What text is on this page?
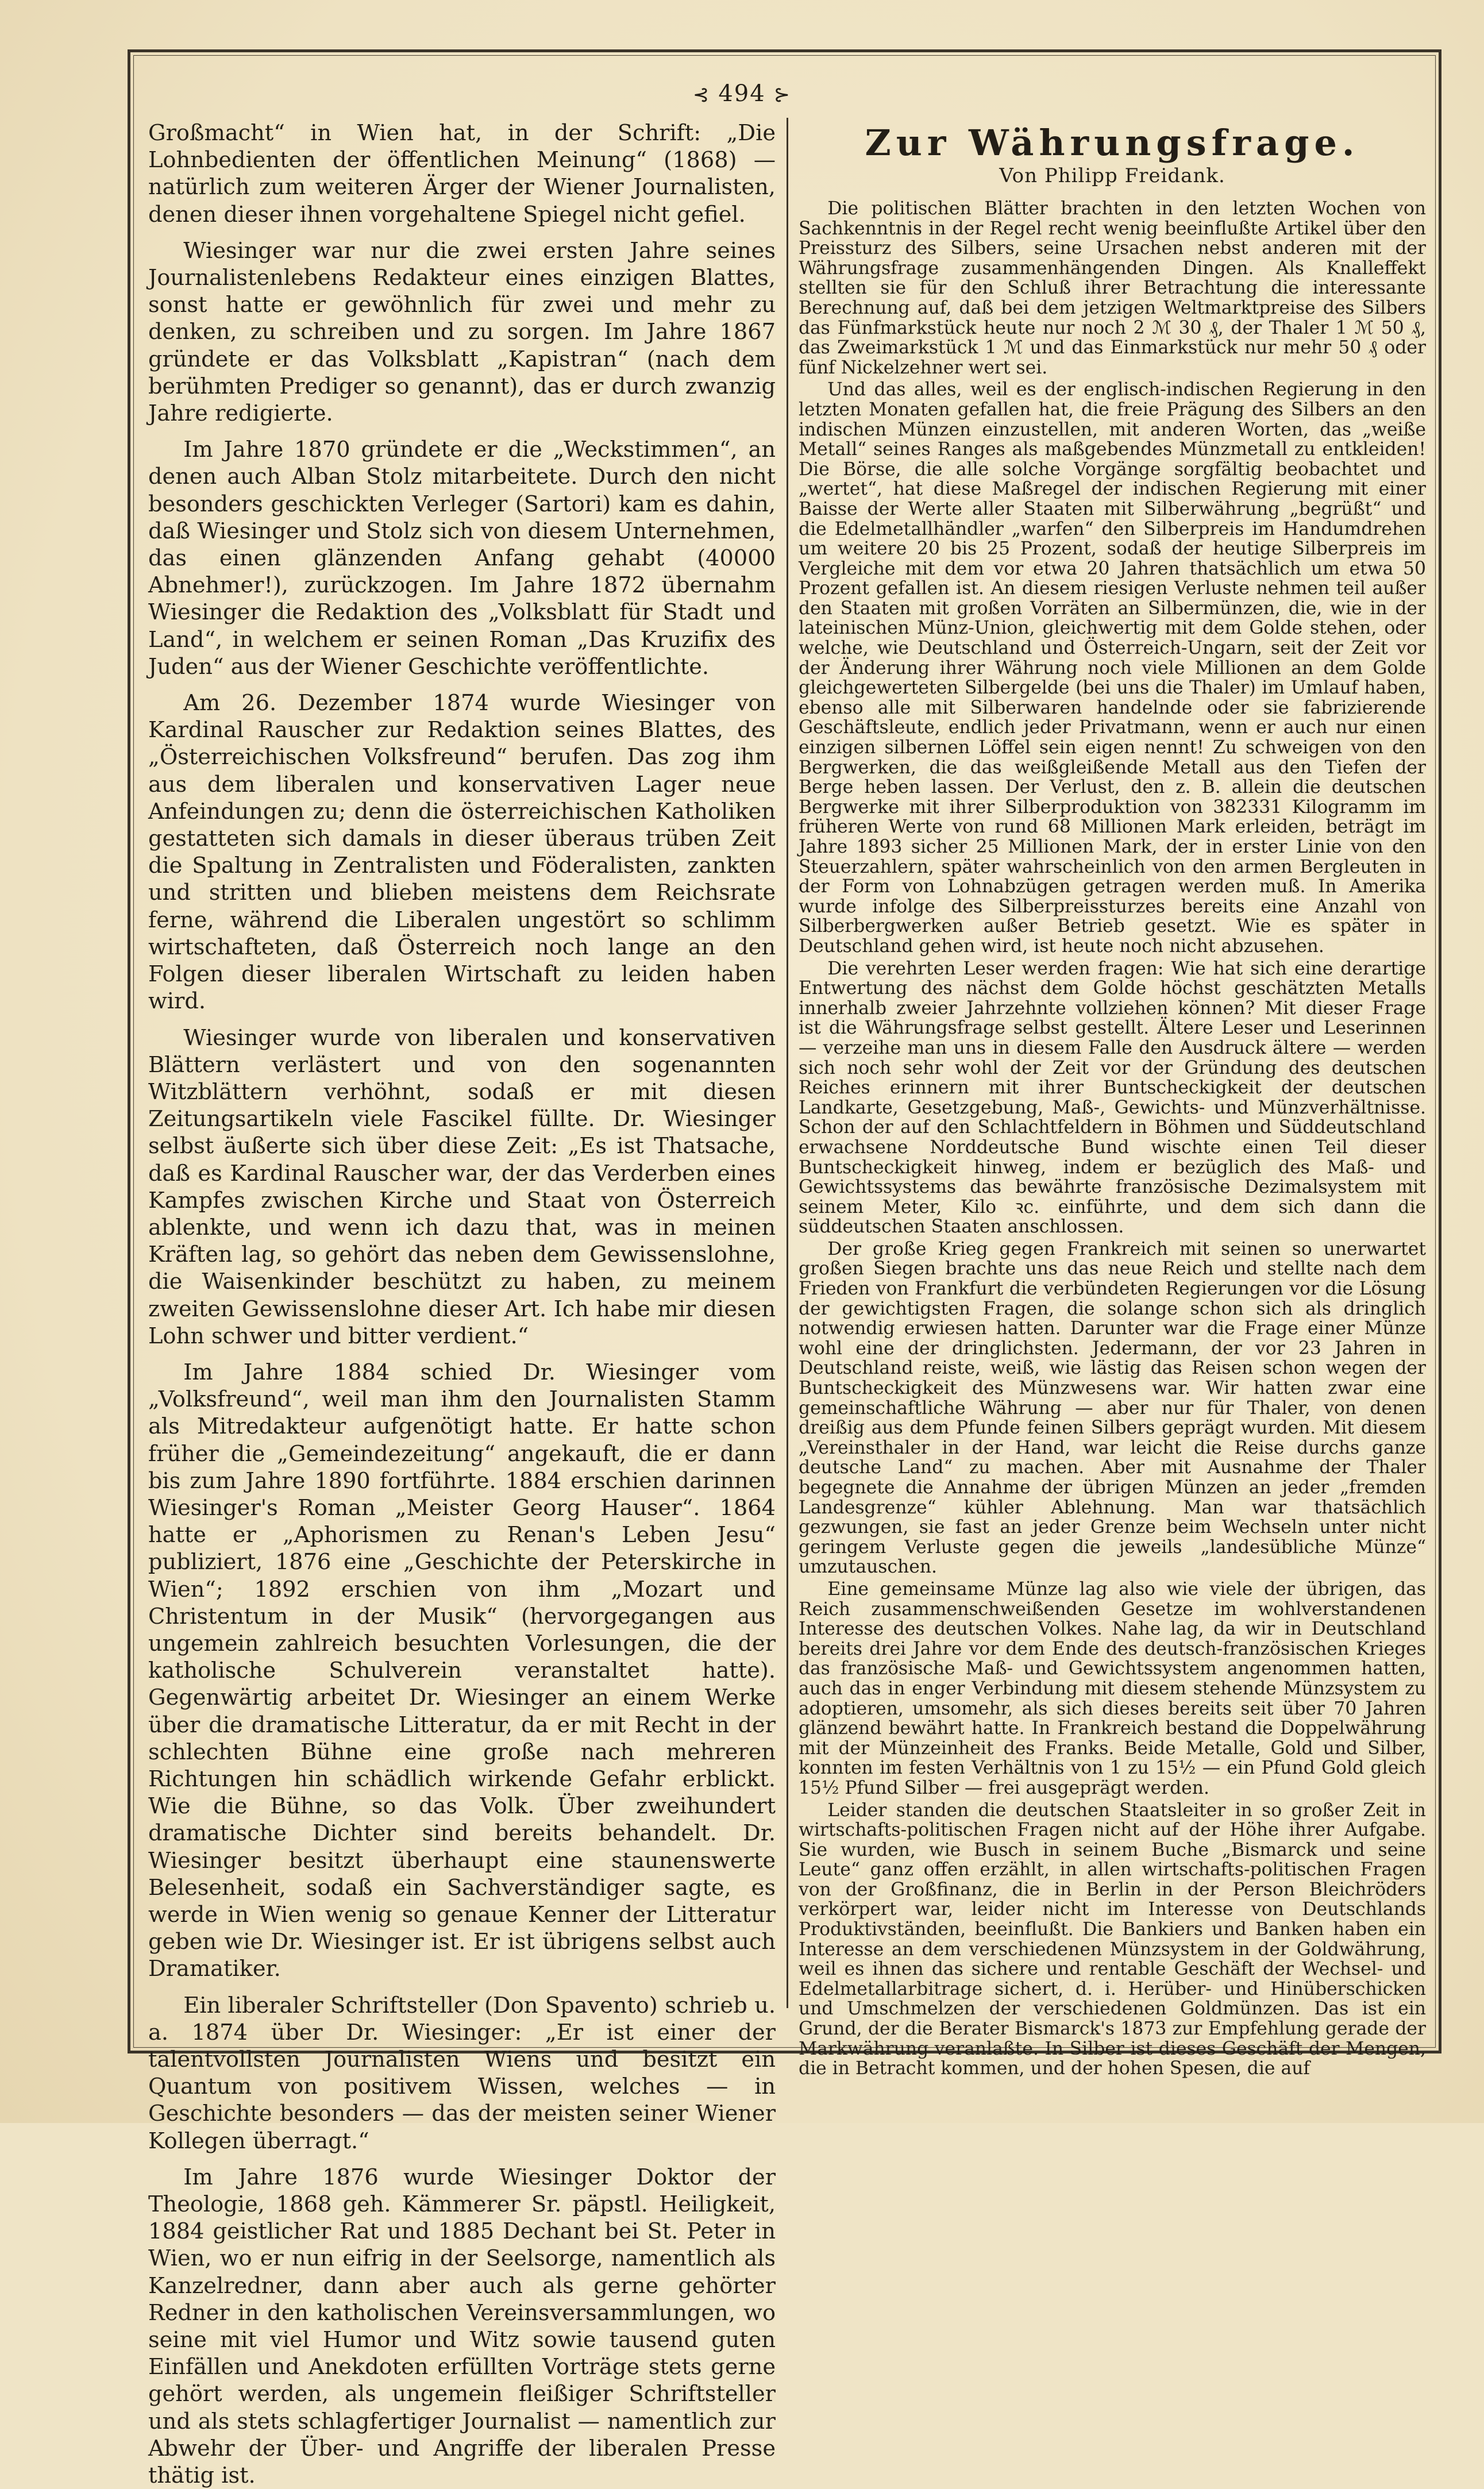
⊰ 494 ⊱

Großmacht“ in Wien hat, in der Schrift: „Die Lohnbedienten der öffentlichen Meinung“ (1868) — natürlich zum weiteren Ärger der Wiener Journalisten, denen dieser ihnen vorgehaltene Spiegel nicht gefiel.

Wiesinger war nur die zwei ersten Jahre seines Journalistenlebens Redakteur eines einzigen Blattes, sonst hatte er gewöhnlich für zwei und mehr zu denken, zu schreiben und zu sorgen. Im Jahre 1867 gründete er das Volksblatt „Kapistran“ (nach dem berühmten Prediger so genannt), das er durch zwanzig Jahre redigierte.

Im Jahre 1870 gründete er die „Weckstimmen“, an denen auch Alban Stolz mitarbeitete. Durch den nicht besonders geschickten Verleger (Sartori) kam es dahin, daß Wiesinger und Stolz sich von diesem Unternehmen, das einen glänzenden Anfang gehabt (40000 Abnehmer!), zurückzogen. Im Jahre 1872 übernahm Wiesinger die Redaktion des „Volksblatt für Stadt und Land“, in welchem er seinen Roman „Das Kruzifix des Juden“ aus der Wiener Geschichte veröffentlichte.

Am 26. Dezember 1874 wurde Wiesinger von Kardinal Rauscher zur Redaktion seines Blattes, des „Österreichischen Volksfreund“ berufen. Das zog ihm aus dem liberalen und konservativen Lager neue Anfeindungen zu; denn die österreichischen Katholiken gestatteten sich damals in dieser überaus trüben Zeit die Spaltung in Zentralisten und Föderalisten, zankten und stritten und blieben meistens dem Reichsrate ferne, während die Liberalen ungestört so schlimm wirtschafteten, daß Österreich noch lange an den Folgen dieser liberalen Wirtschaft zu leiden haben wird.

Wiesinger wurde von liberalen und konservativen Blättern verlästert und von den sogenannten Witzblättern verhöhnt, sodaß er mit diesen Zeitungsartikeln viele Fascikel füllte. Dr. Wiesinger selbst äußerte sich über diese Zeit: „Es ist Thatsache, daß es Kardinal Rauscher war, der das Verderben eines Kampfes zwischen Kirche und Staat von Österreich ablenkte, und wenn ich dazu that, was in meinen Kräften lag, so gehört das neben dem Gewissenslohne, die Waisenkinder beschützt zu haben, zu meinem zweiten Gewissenslohne dieser Art. Ich habe mir diesen Lohn schwer und bitter verdient.“

Im Jahre 1884 schied Dr. Wiesinger vom „Volksfreund“, weil man ihm den Journalisten Stamm als Mitredakteur aufgenötigt hatte. Er hatte schon früher die „Gemeindezeitung“ angekauft, die er dann bis zum Jahre 1890 fortführte. 1884 erschien darinnen Wiesinger's Roman „Meister Georg Hauser“. 1864 hatte er „Aphorismen zu Renan's Leben Jesu“ publiziert, 1876 eine „Geschichte der Peterskirche in Wien“; 1892 erschien von ihm „Mozart und Christentum in der Musik“ (hervorgegangen aus ungemein zahlreich besuchten Vorlesungen, die der katholische Schulverein veranstaltet hatte). Gegenwärtig arbeitet Dr. Wiesinger an einem Werke über die dramatische Litteratur, da er mit Recht in der schlechten Bühne eine große nach mehreren Richtungen hin schädlich wirkende Gefahr erblickt. Wie die Bühne, so das Volk. Über zweihundert dramatische Dichter sind bereits behandelt. Dr. Wiesinger besitzt überhaupt eine staunenswerte Belesenheit, sodaß ein Sachverständiger sagte, es werde in Wien wenig so genaue Kenner der Litteratur geben wie Dr. Wiesinger ist. Er ist übrigens selbst auch Dramatiker.

Ein liberaler Schriftsteller (Don Spavento) schrieb u. a. 1874 über Dr. Wiesinger: „Er ist einer der talentvollsten Journalisten Wiens und besitzt ein Quantum von positivem Wissen, welches — in Geschichte besonders — das der meisten seiner Wiener Kollegen überragt.“

Im Jahre 1876 wurde Wiesinger Doktor der Theologie, 1868 geh. Kämmerer Sr. päpstl. Heiligkeit, 1884 geistlicher Rat und 1885 Dechant bei St. Peter in Wien, wo er nun eifrig in der Seelsorge, namentlich als Kanzelredner, dann aber auch als gerne gehörter Redner in den katholischen Vereinsversammlungen, wo seine mit viel Humor und Witz sowie tausend guten Einfällen und Anekdoten erfüllten Vorträge stets gerne gehört werden, als ungemein fleißiger Schriftsteller und als stets schlagfertiger Journalist — namentlich zur Abwehr der Über- und Angriffe der liberalen Presse thätig ist.

Zur Währungsfrage.
Von Philipp Freidank.

Die politischen Blätter brachten in den letzten Wochen von Sachkenntnis in der Regel recht wenig beeinflußte Artikel über den Preissturz des Silbers, seine Ursachen nebst anderen mit der Währungsfrage zusammenhängenden Dingen. Als Knalleffekt stellten sie für den Schluß ihrer Betrachtung die interessante Berechnung auf, daß bei dem jetzigen Weltmarktpreise des Silbers das Fünfmarkstück heute nur noch 2 ℳ 30 ₰, der Thaler 1 ℳ 50 ₰, das Zweimarkstück 1 ℳ und das Einmarkstück nur mehr 50 ₰ oder fünf Nickelzehner wert sei.

Und das alles, weil es der englisch-indischen Regierung in den letzten Monaten gefallen hat, die freie Prägung des Silbers an den indischen Münzen einzustellen, mit anderen Worten, das „weiße Metall“ seines Ranges als maßgebendes Münzmetall zu entkleiden! Die Börse, die alle solche Vorgänge sorgfältig beobachtet und „wertet“, hat diese Maßregel der indischen Regierung mit einer Baisse der Werte aller Staaten mit Silberwährung „begrüßt“ und die Edelmetallhändler „warfen“ den Silberpreis im Handumdrehen um weitere 20 bis 25 Prozent, sodaß der heutige Silberpreis im Vergleiche mit dem vor etwa 20 Jahren thatsächlich um etwa 50 Prozent gefallen ist. An diesem riesigen Verluste nehmen teil außer den Staaten mit großen Vorräten an Silbermünzen, die, wie in der lateinischen Münz-Union, gleichwertig mit dem Golde stehen, oder welche, wie Deutschland und Österreich-Ungarn, seit der Zeit vor der Änderung ihrer Währung noch viele Millionen an dem Golde gleichgewerteten Silbergelde (bei uns die Thaler) im Umlauf haben, ebenso alle mit Silberwaren handelnde oder sie fabrizierende Geschäftsleute, endlich jeder Privatmann, wenn er auch nur einen einzigen silbernen Löffel sein eigen nennt! Zu schweigen von den Bergwerken, die das weißgleißende Metall aus den Tiefen der Berge heben lassen. Der Verlust, den z. B. allein die deutschen Bergwerke mit ihrer Silberproduktion von 382331 Kilogramm im früheren Werte von rund 68 Millionen Mark erleiden, beträgt im Jahre 1893 sicher 25 Millionen Mark, der in erster Linie von den Steuerzahlern, später wahrscheinlich von den armen Bergleuten in der Form von Lohnabzügen getragen werden muß. In Amerika wurde infolge des Silberpreissturzes bereits eine Anzahl von Silberbergwerken außer Betrieb gesetzt. Wie es später in Deutschland gehen wird, ist heute noch nicht abzusehen.

Die verehrten Leser werden fragen: Wie hat sich eine derartige Entwertung des nächst dem Golde höchst geschätzten Metalls innerhalb zweier Jahrzehnte vollziehen können? Mit dieser Frage ist die Währungsfrage selbst gestellt. Ältere Leser und Leserinnen — verzeihe man uns in diesem Falle den Ausdruck ältere — werden sich noch sehr wohl der Zeit vor der Gründung des deutschen Reiches erinnern mit ihrer Buntscheckigkeit der deutschen Landkarte, Gesetzgebung, Maß-, Gewichts- und Münzverhältnisse. Schon der auf den Schlachtfeldern in Böhmen und Süddeutschland erwachsene Norddeutsche Bund wischte einen Teil dieser Buntscheckigkeit hinweg, indem er bezüglich des Maß- und Gewichtssystems das bewährte französische Dezimalsystem mit seinem Meter, Kilo ꝛc. einführte, und dem sich dann die süddeutschen Staaten anschlossen.

Der große Krieg gegen Frankreich mit seinen so unerwartet großen Siegen brachte uns das neue Reich und stellte nach dem Frieden von Frankfurt die verbündeten Regierungen vor die Lösung der gewichtigsten Fragen, die solange schon sich als dringlich notwendig erwiesen hatten. Darunter war die Frage einer Münze wohl eine der dringlichsten. Jedermann, der vor 23 Jahren in Deutschland reiste, weiß, wie lästig das Reisen schon wegen der Buntscheckigkeit des Münzwesens war. Wir hatten zwar eine gemeinschaftliche Währung — aber nur für Thaler, von denen dreißig aus dem Pfunde feinen Silbers geprägt wurden. Mit diesem „Vereinsthaler in der Hand, war leicht die Reise durchs ganze deutsche Land“ zu machen. Aber mit Ausnahme der Thaler begegnete die Annahme der übrigen Münzen an jeder „fremden Landesgrenze“ kühler Ablehnung. Man war thatsächlich gezwungen, sie fast an jeder Grenze beim Wechseln unter nicht geringem Verluste gegen die jeweils „landesübliche Münze“ umzutauschen.

Eine gemeinsame Münze lag also wie viele der übrigen, das Reich zusammenschweißenden Gesetze im wohlverstandenen Interesse des deutschen Volkes. Nahe lag, da wir in Deutschland bereits drei Jahre vor dem Ende des deutsch-französischen Krieges das französische Maß- und Gewichtssystem angenommen hatten, auch das in enger Verbindung mit diesem stehende Münzsystem zu adoptieren, umsomehr, als sich dieses bereits seit über 70 Jahren glänzend bewährt hatte. In Frankreich bestand die Doppelwährung mit der Münzeinheit des Franks. Beide Metalle, Gold und Silber, konnten im festen Verhältnis von 1 zu 15½ — ein Pfund Gold gleich 15½ Pfund Silber — frei ausgeprägt werden.

Leider standen die deutschen Staatsleiter in so großer Zeit in wirtschafts-politischen Fragen nicht auf der Höhe ihrer Aufgabe. Sie wurden, wie Busch in seinem Buche „Bismarck und seine Leute“ ganz offen erzählt, in allen wirtschafts-politischen Fragen von der Großfinanz, die in Berlin in der Person Bleichröders verkörpert war, leider nicht im Interesse von Deutschlands Produktivständen, beeinflußt. Die Bankiers und Banken haben ein Interesse an dem verschiedenen Münzsystem in der Goldwährung, weil es ihnen das sichere und rentable Geschäft der Wechsel- und Edelmetallarbitrage sichert, d. i. Herüber- und Hinüberschicken und Umschmelzen der verschiedenen Goldmünzen. Das ist ein Grund, der die Berater Bismarck's 1873 zur Empfehlung gerade der Markwährung veranlaßte. In Silber ist dieses Geschäft der Mengen, die in Betracht kommen, und der hohen Spesen, die auf
